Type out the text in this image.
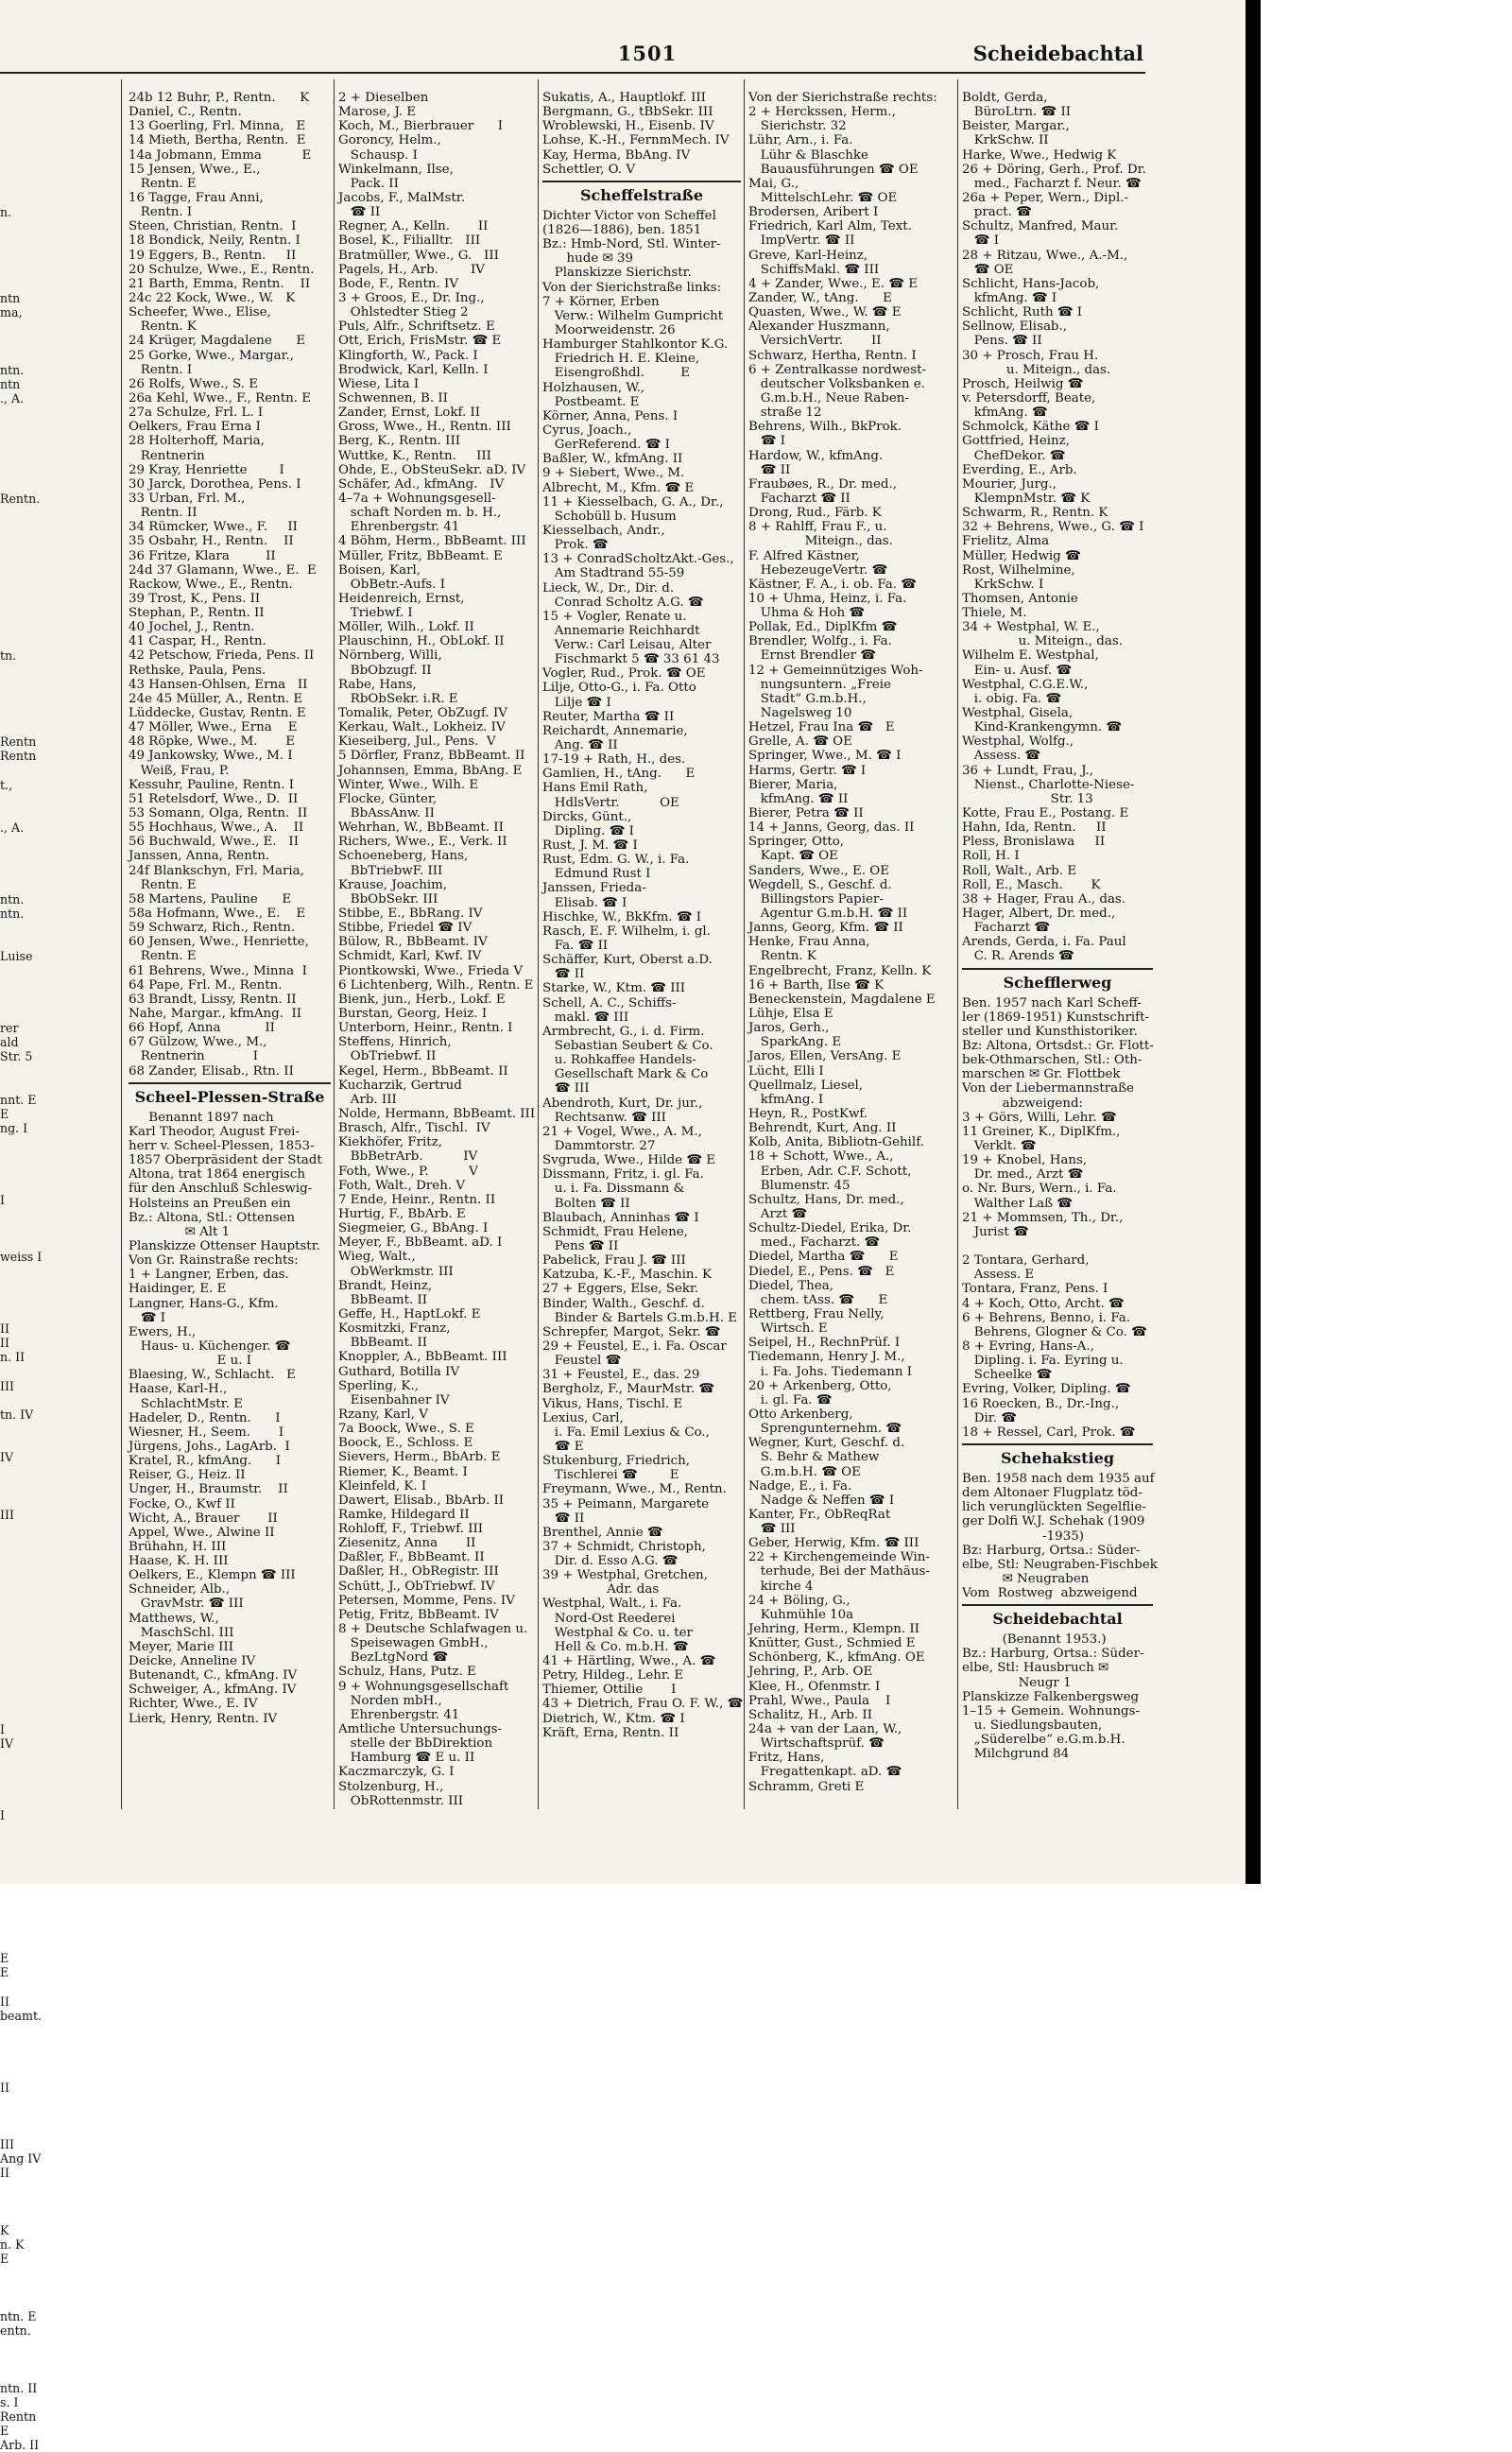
1501	Scheidebachtal
n.
ntn
ma,
ntn.
ntn
., A.
Rentn.
tn.
Rentn
Rentn
t.,
., A.
ntn.
ntn.
Luise
rer
ald
Str. 5
nnt. E
E
ng. I
I
weiss I
II
II
n. II
III
tn. IV
IV
III
I
IV
I
E
E
II
beamt.
II
III
Ang IV
II
K
n. K
E
ntn. E
entn.
ntn. II
s. I
Rentn
E
Arb. II
24b 12 Buhr, P., Rentn.      K
Daniel, C., Rentn.
13 Goerling, Frl. Minna,   E
14 Mieth, Bertha, Rentn.  E
14a Jobmann, Emma          E
15 Jensen, Wwe., E.,
Rentn. E
16 Tagge, Frau Anni,
Rentn. I
Steen, Christian, Rentn.  I
18 Bondick, Neily, Rentn. I
19 Eggers, B., Rentn.     II
20 Schulze, Wwe., E., Rentn.
21 Barth, Emma, Rentn.    II
24c 22 Kock, Wwe., W.   K
Scheefer, Wwe., Elise,
Rentn. K
24 Krüger, Magdalene      E
25 Gorke, Wwe., Margar.,
Rentn. I
26 Rolfs, Wwe., S. E
26a Kehl, Wwe., F., Rentn. E
27a Schulze, Frl. L. I
Oelkers, Frau Erna I
28 Holterhoff, Maria,
Rentnerin
29 Kray, Henriette        I
30 Jarck, Dorothea, Pens. I
33 Urban, Frl. M.,
Rentn. II
34 Rümcker, Wwe., F.     II
35 Osbahr, H., Rentn.    II
36 Fritze, Klara         II
24d 37 Glamann, Wwe., E.  E
Rackow, Wwe., E., Rentn.
39 Trost, K., Pens. II
Stephan, P., Rentn. II
40 Jochel, J., Rentn.
41 Caspar, H., Rentn.
42 Petschow, Frieda, Pens. II
Rethske, Paula, Pens.
43 Hansen-Ohlsen, Erna   II
24e 45 Müller, A., Rentn. E
Lüddecke, Gustav, Rentn. E
47 Möller, Wwe., Erna    E
48 Röpke, Wwe., M.       E
49 Jankowsky, Wwe., M. I
Weiß, Frau, P.
Kessuhr, Pauline, Rentn. I
51 Retelsdorf, Wwe., D.  II
53 Somann, Olga, Rentn.  II
55 Hochhaus, Wwe., A.    II
56 Buchwald, Wwe., E.   II
Janssen, Anna, Rentn.
24f Blankschyn, Frl. Maria,
Rentn. E
58 Martens, Pauline      E
58a Hofmann, Wwe., E.    E
59 Schwarz, Rich., Rentn.
60 Jensen, Wwe., Henriette,
Rentn. E
61 Behrens, Wwe., Minna  I
64 Pape, Frl. M., Rentn.
63 Brandt, Lissy, Rentn. II
Nahe, Margar., kfmAng.  II
66 Hopf, Anna           II
67 Gülzow, Wwe., M.,
Rentnerin            I
68 Zander, Elisab., Rtn. II
Scheel-Plessen-Straße
Benannt 1897 nach
Karl Theodor, August Frei-
herr v. Scheel-Plessen, 1853-
1857 Oberpräsident der Stadt
Altona, trat 1864 energisch
für den Anschluß Schleswig-
Holsteins an Preußen ein
Bz.: Altona, Stl.: Ottensen
✉ Alt 1
Planskizze Ottenser Hauptstr.
Von Gr. Rainstraße rechts:
1 + Langner, Erben, das.
Haidinger, E. E
Langner, Hans-G., Kfm.
☎ I
Ewers, H.,
Haus- u. Küchenger. ☎
E u. I
Blaesing, W., Schlacht.   E
Haase, Karl-H.,
SchlachtMstr. E
Hadeler, D., Rentn.      I
Wiesner, H., Seem.       I
Jürgens, Johs., LagArb.  I
Kratel, R., kfmAng.      I
Reiser, G., Heiz. II
Unger, H., Braumstr.    II
Focke, O., Kwf II
Wicht, A., Brauer       II
Appel, Wwe., Alwine II
Brühahn, H. III
Haase, K. H. III
Oelkers, E., Klempn ☎ III
Schneider, Alb.,
GravMstr. ☎ III
Matthews, W.,
MaschSchl. III
Meyer, Marie III
Deicke, Anneline IV
Butenandt, C., kfmAng. IV
Schweiger, A., kfmAng. IV
Richter, Wwe., E. IV
Lierk, Henry, Rentn. IV
2 + Dieselben
Marose, J. E
Koch, M., Bierbrauer      I
Goroncy, Helm.,
Schausp. I
Winkelmann, Ilse,
Pack. II
Jacobs, F., MalMstr.
☎ II
Regner, A., Kelln.       II
Bosel, K., Filialltr.   III
Bratmüller, Wwe., G.   III
Pagels, H., Arb.        IV
Bode, F., Rentn. IV
3 + Groos, E., Dr. Ing.,
Ohlstedter Stieg 2
Puls, Alfr., Schriftsetz. E
Ott, Erich, FrisMstr. ☎ E
Klingforth, W., Pack. I
Brodwick, Karl, Kelln. I
Wiese, Lita I
Schwennen, B. II
Zander, Ernst, Lokf. II
Gross, Wwe., H., Rentn. III
Berg, K., Rentn. III
Wuttke, K., Rentn.     III
Ohde, E., ObSteuSekr. aD. IV
Schäfer, Ad., kfmAng.   IV
4–7a + Wohnungsgesell-
schaft Norden m. b. H.,
Ehrenbergstr. 41
4 Böhm, Herm., BbBeamt. III
Müller, Fritz, BbBeamt. E
Boisen, Karl,
ObBetr.-Aufs. I
Heidenreich, Ernst,
Triebwf. I
Möller, Wilh., Lokf. II
Plauschinn, H., ObLokf. II
Nörnberg, Willi,
BbObzugf. II
Rabe, Hans,
RbObSekr. i.R. E
Tomalik, Peter, ObZugf. IV
Kerkau, Walt., Lokheiz. IV
Kieseiberg, Jul., Pens.  V
5 Dörfler, Franz, BbBeamt. II
Johannsen, Emma, BbAng. E
Winter, Wwe., Wilh. E
Flocke, Günter,
BbAssAnw. II
Wehrhan, W., BbBeamt. II
Richers, Wwe., E., Verk. II
Schoeneberg, Hans,
BbTriebwF. III
Krause, Joachim,
BbObSekr. III
Stibbe, E., BbRang. IV
Stibbe, Friedel ☎ IV
Bülow, R., BbBeamt. IV
Schmidt, Karl, Kwf. IV
Piontkowski, Wwe., Frieda V
6 Lichtenberg, Wilh., Rentn. E
Bienk, jun., Herb., Lokf. E
Burstan, Georg, Heiz. I
Unterborn, Heinr., Rentn. I
Steffens, Hinrich,
ObTriebwf. II
Kegel, Herm., BbBeamt. II
Kucharzik, Gertrud
Arb. III
Nolde, Hermann, BbBeamt. III
Brasch, Alfr., Tischl.  IV
Kiekhöfer, Fritz,
BbBetrArb.          IV
Foth, Wwe., P.          V
Foth, Walt., Dreh. V
7 Ende, Heinr., Rentn. II
Hurtig, F., BbArb. E
Siegmeier, G., BbAng. I
Meyer, F., BbBeamt. aD. I
Wieg, Walt.,
ObWerkmstr. III
Brandt, Heinz,
BbBeamt. II
Geffe, H., HaptLokf. E
Kosmitzki, Franz,
BbBeamt. II
Knoppler, A., BbBeamt. III
Guthard, Botilla IV
Sperling, K.,
Eisenbahner IV
Rzany, Karl, V
7a Boock, Wwe., S. E
Boock, E., Schloss. E
Sievers, Herm., BbArb. E
Riemer, K., Beamt. I
Kleinfeld, K. I
Dawert, Elisab., BbArb. II
Ramke, Hildegard II
Rohloff, F., Triebwf. III
Ziesenitz, Anna       II
Daßler, F., BbBeamt. II
Daßler, H., ObRegistr. III
Schütt, J., ObTriebwf. IV
Petersen, Momme, Pens. IV
Petig, Fritz, BbBeamt. IV
8 + Deutsche Schlafwagen u.
Speisewagen GmbH.,
BezLtgNord ☎
Schulz, Hans, Putz. E
9 + Wohnungsgesellschaft
Norden mbH.,
Ehrenbergstr. 41
Amtliche Untersuchungs-
stelle der BbDirektion
Hamburg ☎ E u. II
Kaczmarczyk, G. I
Stolzenburg, H.,
ObRottenmstr. III
Sukatis, A., Hauptlokf. III
Bergmann, G., tBbSekr. III
Wroblewski, H., Eisenb. IV
Lohse, K.-H., FernmMech. IV
Kay, Herma, BbAng. IV
Schettler, O. V
Scheffelstraße
Dichter Victor von Scheffel
(1826—1886), ben. 1851
Bz.: Hmb-Nord, Stl. Winter-
hude ✉ 39
Planskizze Sierichstr.
Von der Sierichstraße links:
7 + Körner, Erben
Verw.: Wilhelm Gumpricht
Moorweidenstr. 26
Hamburger Stahlkontor K.G.
Friedrich H. E. Kleine,
Eisengroßhdl.         E
Holzhausen, W.,
Postbeamt. E
Körner, Anna, Pens. I
Cyrus, Joach.,
GerReferend. ☎ I
Baßler, W., kfmAng. II
9 + Siebert, Wwe., M.
Albrecht, M., Kfm. ☎ E
11 + Kiesselbach, G. A., Dr.,
Schobüll b. Husum
Kiesselbach, Andr.,
Prok. ☎
13 + ConradScholtzAkt.-Ges.,
Am Stadtrand 55-59
Lieck, W., Dr., Dir. d.
Conrad Scholtz A.G. ☎
15 + Vogler, Renate u.
Annemarie Reichhardt
Verw.: Carl Leisau, Alter
Fischmarkt 5 ☎ 33 61 43
Vogler, Rud., Prok. ☎ OE
Lilje, Otto-G., i. Fa. Otto
Lilje ☎ I
Reuter, Martha ☎ II
Reichardt, Annemarie,
Ang. ☎ II
17-19 + Rath, H., des.
Gamlien, H., tAng.      E
Hans Emil Rath,
HdlsVertr.          OE
Dircks, Günt.,
Dipling. ☎ I
Rust, J. M. ☎ I
Rust, Edm. G. W., i. Fa.
Edmund Rust I
Janssen, Frieda-
Elisab. ☎ I
Hischke, W., BkKfm. ☎ I
Rasch, E. F. Wilhelm, i. gl.
Fa. ☎ II
Schäffer, Kurt, Oberst a.D.
☎ II
Starke, W., Ktm. ☎ III
Schell, A. C., Schiffs-
makl. ☎ III
Armbrecht, G., i. d. Firm.
Sebastian Seubert & Co.
u. Rohkaffee Handels-
Gesellschaft Mark & Co
☎ III
Abendroth, Kurt, Dr. jur.,
Rechtsanw. ☎ III
21 + Vogel, Wwe., A. M.,
Dammtorstr. 27
Svgruda, Wwe., Hilde ☎ E
Dissmann, Fritz, i. gl. Fa.
u. i. Fa. Dissmann &
Bolten ☎ II
Blaubach, Anninhas ☎ I
Schmidt, Frau Helene,
Pens ☎ II
Pabelick, Frau J. ☎ III
Katzuba, K.-F., Maschin. K
27 + Eggers, Else, Sekr.
Binder, Walth., Geschf. d.
Binder & Bartels G.m.b.H. E
Schrepfer, Margot, Sekr. ☎
29 + Feustel, E., i. Fa. Oscar
Feustel ☎
31 + Feustel, E., das. 29
Bergholz, F., MaurMstr. ☎
Vikus, Hans, Tischl. E
Lexius, Carl,
i. Fa. Emil Lexius & Co.,
☎ E
Stukenburg, Friedrich,
Tischlerei ☎        E
Freymann, Wwe., M., Rentn.
35 + Peimann, Margarete
☎ II
Brenthel, Annie ☎
37 + Schmidt, Christoph,
Dir. d. Esso A.G. ☎
39 + Westphal, Gretchen,
Adr. das
Westphal, Walt., i. Fa.
Nord-Ost Reederei
Westphal & Co. u. ter
Hell & Co. m.b.H. ☎
41 + Härtling, Wwe., A. ☎
Petry, Hildeg., Lehr. E
Thiemer, Ottilie       I
43 + Dietrich, Frau O. F. W., ☎
Dietrich, W., Ktm. ☎ I
Kräft, Erna, Rentn. II
Von der Sierichstraße rechts:
2 + Herckssen, Herm.,
Sierichstr. 32
Lühr, Arn., i. Fa.
Lühr & Blaschke
Bauausführungen ☎ OE
Mai, G.,
MittelschLehr. ☎ OE
Brodersen, Aribert I
Friedrich, Karl Alm, Text.
ImpVertr. ☎ II
Greve, Karl-Heinz,
SchiffsMakl. ☎ III
4 + Zander, Wwe., E. ☎ E
Zander, W., tAng.      E
Quasten, Wwe., W. ☎ E
Alexander Huszmann,
VersichVertr.       II
Schwarz, Hertha, Rentn. I
6 + Zentralkasse nordwest-
deutscher Volksbanken e.
G.m.b.H., Neue Raben-
straße 12
Behrens, Wilh., BkProk.
☎ I
Hardow, W., kfmAng.
☎ II
Fraubøes, R., Dr. med.,
Facharzt ☎ II
Drong, Rud., Färb. K
8 + Rahlff, Frau F., u.
Miteign., das.
F. Alfred Kästner,
HebezeugeVertr. ☎
Kästner, F. A., i. ob. Fa. ☎
10 + Uhma, Heinz, i. Fa.
Uhma & Hoh ☎
Pollak, Ed., DiplKfm ☎
Brendler, Wolfg., i. Fa.
Ernst Brendler ☎
12 + Gemeinnütziges Woh-
nungsuntern. „Freie
Stadt“ G.m.b.H.,
Nagelsweg 10
Hetzel, Frau Ina ☎   E
Grelle, A. ☎ OE
Springer, Wwe., M. ☎ I
Harms, Gertr. ☎ I
Bierer, Maria,
kfmAng. ☎ II
Bierer, Petra ☎ II
14 + Janns, Georg, das. II
Springer, Otto,
Kapt. ☎ OE
Sanders, Wwe., E. OE
Wegdell, S., Geschf. d.
Billingstors Papier-
Agentur G.m.b.H. ☎ II
Janns, Georg, Kfm. ☎ II
Henke, Frau Anna,
Rentn. K
Engelbrecht, Franz, Kelln. K
16 + Barth, Ilse ☎ K
Beneckenstein, Magdalene E
Lühje, Elsa E
Jaros, Gerh.,
SparkAng. E
Jaros, Ellen, VersAng. E
Lücht, Elli I
Quellmalz, Liesel,
kfmAng. I
Heyn, R., PostKwf.
Behrendt, Kurt, Ang. II
Kolb, Anita, Bibliotn-Gehilf.
18 + Schott, Wwe., A.,
Erben, Adr. C.F. Schott,
Blumenstr. 45
Schultz, Hans, Dr. med.,
Arzt ☎
Schultz-Diedel, Erika, Dr.
med., Facharzt. ☎
Diedel, Martha ☎      E
Diedel, E., Pens. ☎   E
Diedel, Thea,
chem. tAss. ☎      E
Rettberg, Frau Nelly,
Wirtsch. E
Seipel, H., RechnPrüf. I
Tiedemann, Henry J. M.,
i. Fa. Johs. Tiedemann I
20 + Arkenberg, Otto,
i. gl. Fa. ☎
Otto Arkenberg,
Sprengunternehm. ☎
Wegner, Kurt, Geschf. d.
S. Behr & Mathew
G.m.b.H. ☎ OE
Nadge, E., i. Fa.
Nadge & Neffen ☎ I
Kanter, Fr., ObReqRat
☎ III
Geber, Herwig, Kfm. ☎ III
22 + Kirchengemeinde Win-
terhude, Bei der Mathäus-
kirche 4
24 + Böling, G.,
Kuhmühle 10a
Jehring, Herm., Klempn. II
Knütter, Gust., Schmied E
Schönberg, K., kfmAng. OE
Jehring, P., Arb. OE
Klee, H., Ofenmstr. I
Prahl, Wwe., Paula    I
Schalitz, H., Arb. II
24a + van der Laan, W.,
Wirtschaftsprüf. ☎
Fritz, Hans,
Fregattenkapt. aD. ☎
Schramm, Greti E
Boldt, Gerda,
BüroLtrn. ☎ II
Beister, Margar.,
KrkSchw. II
Harke, Wwe., Hedwig K
26 + Döring, Gerh., Prof. Dr.
med., Facharzt f. Neur. ☎
26a + Peper, Wern., Dipl.-
pract. ☎
Schultz, Manfred, Maur.
☎ I
28 + Ritzau, Wwe., A.-M.,
☎ OE
Schlicht, Hans-Jacob,
kfmAng. ☎ I
Schlicht, Ruth ☎ I
Sellnow, Elisab.,
Pens. ☎ II
30 + Prosch, Frau H.
u. Miteign., das.
Prosch, Heilwig ☎
v. Petersdorff, Beate,
kfmAng. ☎
Schmolck, Käthe ☎ I
Gottfried, Heinz,
ChefDekor. ☎
Everding, E., Arb.
Mourier, Jurg.,
KlempnMstr. ☎ K
Schwarm, R., Rentn. K
32 + Behrens, Wwe., G. ☎ I
Frielitz, Alma
Müller, Hedwig ☎
Rost, Wilhelmine,
KrkSchw. I
Thomsen, Antonie
Thiele, M.
34 + Westphal, W. E.,
u. Miteign., das.
Wilhelm E. Westphal,
Ein- u. Ausf. ☎
Westphal, C.G.E.W.,
i. obig. Fa. ☎
Westphal, Gisela,
Kind-Krankengymn. ☎
Westphal, Wolfg.,
Assess. ☎
36 + Lundt, Frau, J.,
Nienst., Charlotte-Niese-
Str. 13
Kotte, Frau E., Postang. E
Hahn, Ida, Rentn.     II
Pless, Bronislawa     II
Roll, H. I
Roll, Walt., Arb. E
Roll, E., Masch.       K
38 + Hager, Frau A., das.
Hager, Albert, Dr. med.,
Facharzt ☎
Arends, Gerda, i. Fa. Paul
C. R. Arends ☎
Schefflerweg
Ben. 1957 nach Karl Scheff-
ler (1869-1951) Kunstschrift-
steller und Kunsthistoriker.
Bz: Altona, Ortsdst.: Gr. Flott-
bek-Othmarschen, Stl.: Oth-
marschen ✉ Gr. Flottbek
Von der Liebermannstraße
abzweigend:
3 + Görs, Willi, Lehr. ☎
11 Greiner, K., DiplKfm.,
Verklt. ☎
19 + Knobel, Hans,
Dr. med., Arzt ☎
o. Nr. Burs, Wern., i. Fa.
Walther Laß ☎
21 + Mommsen, Th., Dr.,
Jurist ☎
2 Tontara, Gerhard,
Assess. E
Tontara, Franz, Pens. I
4 + Koch, Otto, Archt. ☎
6 + Behrens, Benno, i. Fa.
Behrens, Glogner & Co. ☎
8 + Evring, Hans-A.,
Dipling. i. Fa. Eyring u.
Scheelke ☎
Evring, Volker, Dipling. ☎
16 Roecken, B., Dr.-Ing.,
Dir. ☎
18 + Ressel, Carl, Prok. ☎
Schehakstieg
Ben. 1958 nach dem 1935 auf
dem Altonaer Flugplatz töd-
lich verunglückten Segelflie-
ger Dolfi W.J. Schehak (1909
-1935)
Bz: Harburg, Ortsa.: Süder-
elbe, Stl: Neugraben-Fischbek
✉ Neugraben
Vom  Rostweg  abzweigend
Scheidebachtal
(Benannt 1953.)
Bz.: Harburg, Ortsa.: Süder-
elbe, Stl: Hausbruch ✉
Neugr 1
Planskizze Falkenbergsweg
1–15 + Gemein. Wohnungs-
u. Siedlungsbauten,
„Süderelbe“ e.G.m.b.H.
Milchgrund 84
